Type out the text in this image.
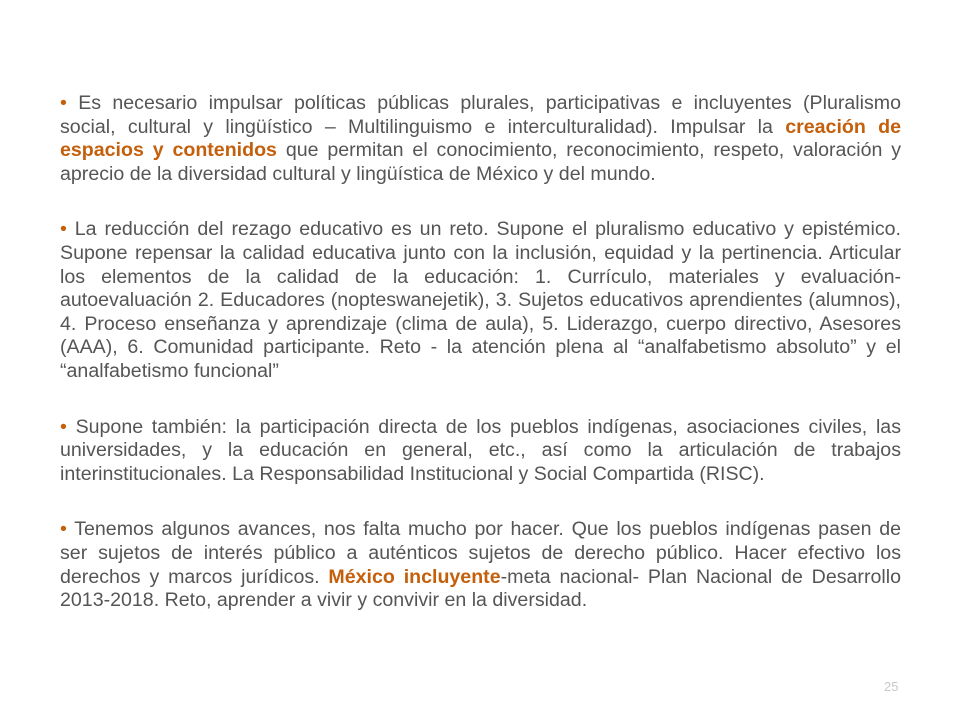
• Es necesario impulsar políticas públicas plurales, participativas e incluyentes (Pluralismo social, cultural y lingüístico – Multilinguismo e interculturalidad). Impulsar la creación de espacios y contenidos que permitan el conocimiento, reconocimiento, respeto, valoración y aprecio de la diversidad cultural y lingüística de México y del mundo.

• La reducción del rezago educativo es un reto. Supone el pluralismo educativo y epistémico. Supone repensar la calidad educativa junto con la inclusión, equidad y la pertinencia. Articular los elementos de la calidad de la educación: 1. Currículo, materiales y evaluación-autoevaluación 2. Educadores (nopteswanejetik), 3. Sujetos educativos aprendientes (alumnos), 4. Proceso enseñanza y aprendizaje (clima de aula), 5. Liderazgo, cuerpo directivo, Asesores (AAA), 6. Comunidad participante. Reto - la atención plena al “analfabetismo absoluto” y el “analfabetismo funcional”

• Supone también: la participación directa de los pueblos indígenas, asociaciones civiles, las universidades, y la educación en general, etc., así como la articulación de trabajos interinstitucionales. La Responsabilidad Institucional y Social Compartida (RISC).

• Tenemos algunos avances, nos falta mucho por hacer. Que los pueblos indígenas pasen de ser sujetos de interés público a auténticos sujetos de derecho público. Hacer efectivo los derechos y marcos jurídicos. México incluyente-meta nacional- Plan Nacional de Desarrollo 2013-2018. Reto, aprender a vivir y convivir en la diversidad.

25
